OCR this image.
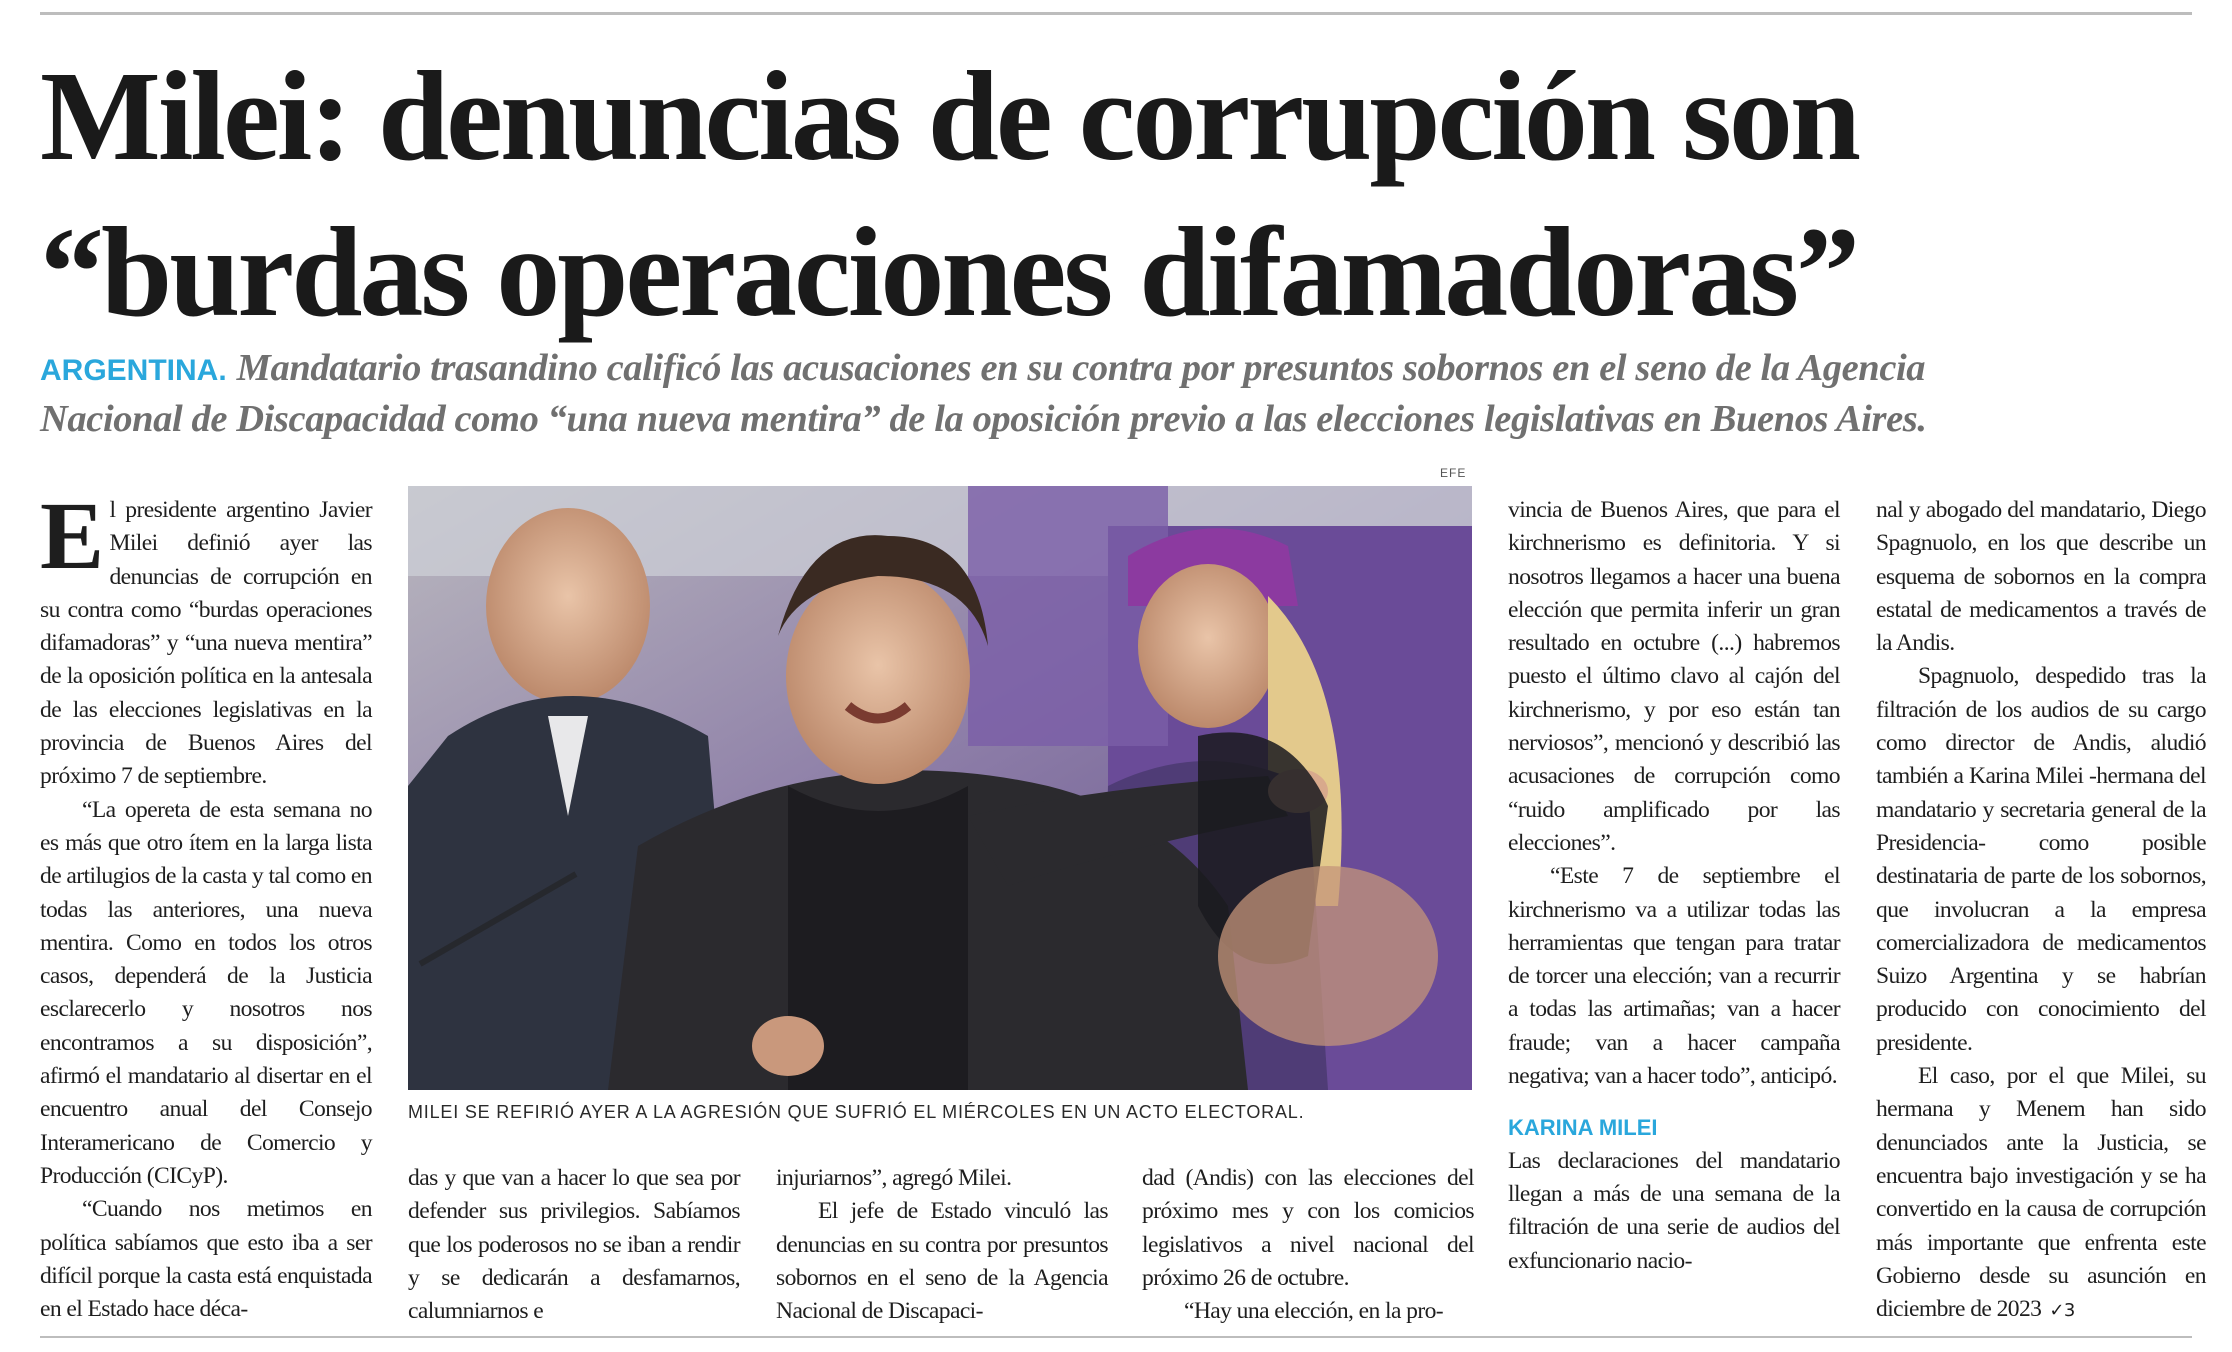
Milei: denuncias de corrupción son
“burdas operaciones difamadoras”
ARGENTINA. Mandatario trasandino calificó las acusaciones en su contra por presuntos sobornos en el seno de la Agencia
Nacional de Discapacidad como “una nueva mentira” de la oposición previo a las elecciones legislativas en Buenos Aires.

El presidente argentino Javier Milei definió ayer las denuncias de corrupción en su contra como “burdas operaciones difamadoras” y “una nueva mentira” de la oposición política en la antesala de las elecciones legislativas en la provincia de Buenos Aires del próximo 7 de septiembre.

“La opereta de esta semana no es más que otro ítem en la larga lista de artilugios de la casta y tal como en todas las anteriores, una nueva mentira. Como en todos los otros casos, dependerá de la Justicia esclarecerlo y nosotros nos encontramos a su disposición”, afirmó el mandatario al disertar en el encuentro anual del Consejo Interamericano de Comercio y Producción (CICyP).

“Cuando nos metimos en política sabíamos que esto iba a ser difícil porque la casta está enquistada en el Estado hace déca-

EFE
MILEI SE REFIRIÓ AYER A LA AGRESIÓN QUE SUFRIÓ EL MIÉRCOLES EN UN ACTO ELECTORAL.

das y que van a hacer lo que sea por defender sus privilegios. Sabíamos que los poderosos no se iban a rendir y se dedicarán a desfamarnos, calumniarnos e

injuriarnos”, agregó Milei.

El jefe de Estado vinculó las denuncias en su contra por presuntos sobornos en el seno de la Agencia Nacional de Discapaci-

dad (Andis) con las elecciones del próximo mes y con los comicios legislativos a nivel nacional del próximo 26 de octubre.

“Hay una elección, en la pro-

vincia de Buenos Aires, que para el kirchnerismo es definitoria. Y si nosotros llegamos a hacer una buena elección que permita inferir un gran resultado en octubre (...) habremos puesto el último clavo al cajón del kirchnerismo, y por eso están tan nerviosos”, mencionó y describió las acusaciones de corrupción como “ruido amplificado por las elecciones”.

“Este 7 de septiembre el kirchnerismo va a utilizar todas las herramientas que tengan para tratar de torcer una elección; van a recurrir a todas las artimañas; van a hacer fraude; van a hacer campaña negativa; van a hacer todo”, anticipó.

KARINA MILEI

Las declaraciones del mandatario llegan a más de una semana de la filtración de una serie de audios del exfuncionario nacio-

nal y abogado del mandatario, Diego Spagnuolo, en los que describe un esquema de sobornos en la compra estatal de medicamentos a través de la Andis.

Spagnuolo, despedido tras la filtración de los audios de su cargo como director de Andis, aludió también a Karina Milei -hermana del mandatario y secretaria general de la Presidencia- como posible destinataria de parte de los sobornos, que involucran a la empresa comercializadora de medicamentos Suizo Argentina y se habrían producido con conocimiento del presidente.

El caso, por el que Milei, su hermana y Menem han sido denunciados ante la Justicia, se encuentra bajo investigación y se ha convertido en la causa de corrupción más importante que enfrenta este Gobierno desde su asunción en diciembre de 2023 ✓3
